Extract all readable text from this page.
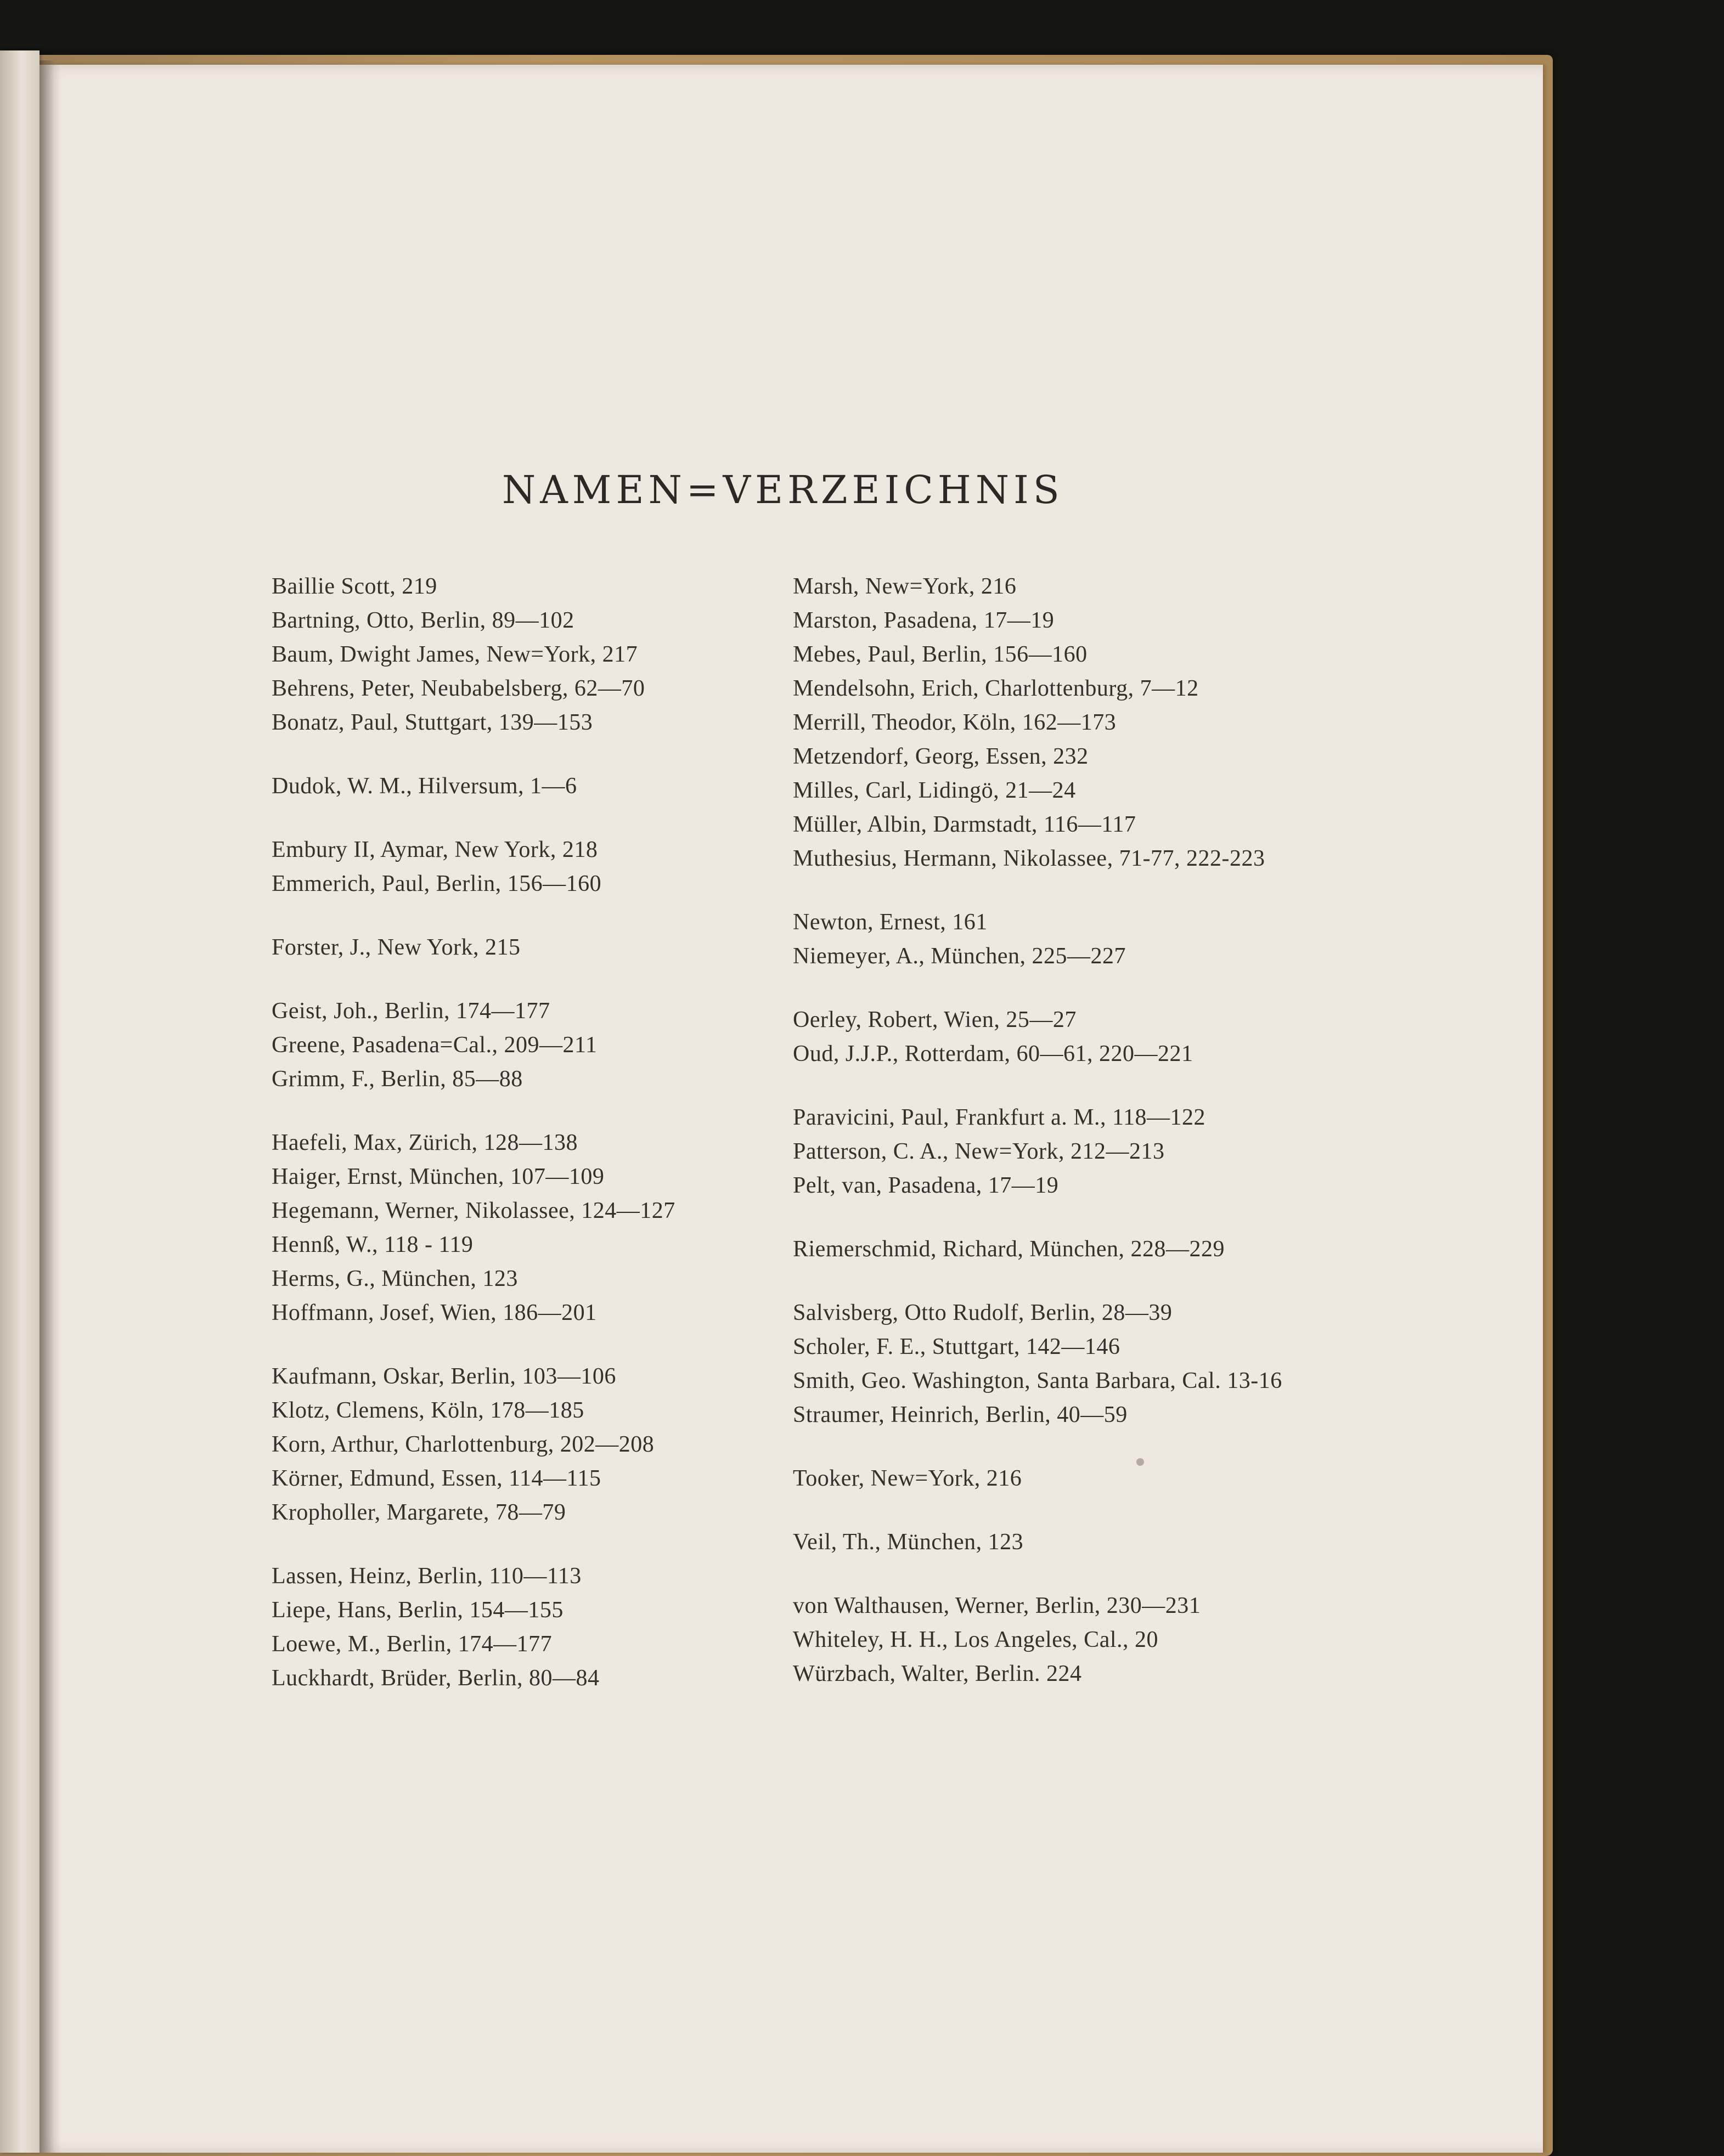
NAMEN=VERZEICHNIS
Baillie Scott, 219
Bartning, Otto, Berlin, 89—102
Baum, Dwight James, New=York, 217
Behrens, Peter, Neubabelsberg, 62—70
Bonatz, Paul, Stuttgart, 139—153
Dudok, W. M., Hilversum, 1—6
Embury II, Aymar, New York, 218
Emmerich, Paul, Berlin, 156—160
Forster, J., New York, 215
Geist, Joh., Berlin, 174—177
Greene, Pasadena=Cal., 209—211
Grimm, F., Berlin, 85—88
Haefeli, Max, Zürich, 128—138
Haiger, Ernst, München, 107—109
Hegemann, Werner, Nikolassee, 124—127
Hennß, W., 118 - 119
Herms, G., München, 123
Hoffmann, Josef, Wien, 186—201
Kaufmann, Oskar, Berlin, 103—106
Klotz, Clemens, Köln, 178—185
Korn, Arthur, Charlottenburg, 202—208
Körner, Edmund, Essen, 114—115
Kropholler, Margarete, 78—79
Lassen, Heinz, Berlin, 110—113
Liepe, Hans, Berlin, 154—155
Loewe, M., Berlin, 174—177
Luckhardt, Brüder, Berlin, 80—84
Marsh, New=York, 216
Marston, Pasadena, 17—19
Mebes, Paul, Berlin, 156—160
Mendelsohn, Erich, Charlottenburg, 7—12
Merrill, Theodor, Köln, 162—173
Metzendorf, Georg, Essen, 232
Milles, Carl, Lidingö, 21—24
Müller, Albin, Darmstadt, 116—117
Muthesius, Hermann, Nikolassee, 71-77, 222-223
Newton, Ernest, 161
Niemeyer, A., München, 225—227
Oerley, Robert, Wien, 25—27
Oud, J.J.P., Rotterdam, 60—61, 220—221
Paravicini, Paul, Frankfurt a. M., 118—122
Patterson, C. A., New=York, 212—213
Pelt, van, Pasadena, 17—19
Riemerschmid, Richard, München, 228—229
Salvisberg, Otto Rudolf, Berlin, 28—39
Scholer, F. E., Stuttgart, 142—146
Smith, Geo. Washington, Santa Barbara, Cal. 13-16
Straumer, Heinrich, Berlin, 40—59
Tooker, New=York, 216
Veil, Th., München, 123
von Walthausen, Werner, Berlin, 230—231
Whiteley, H. H., Los Angeles, Cal., 20
Würzbach, Walter, Berlin. 224
